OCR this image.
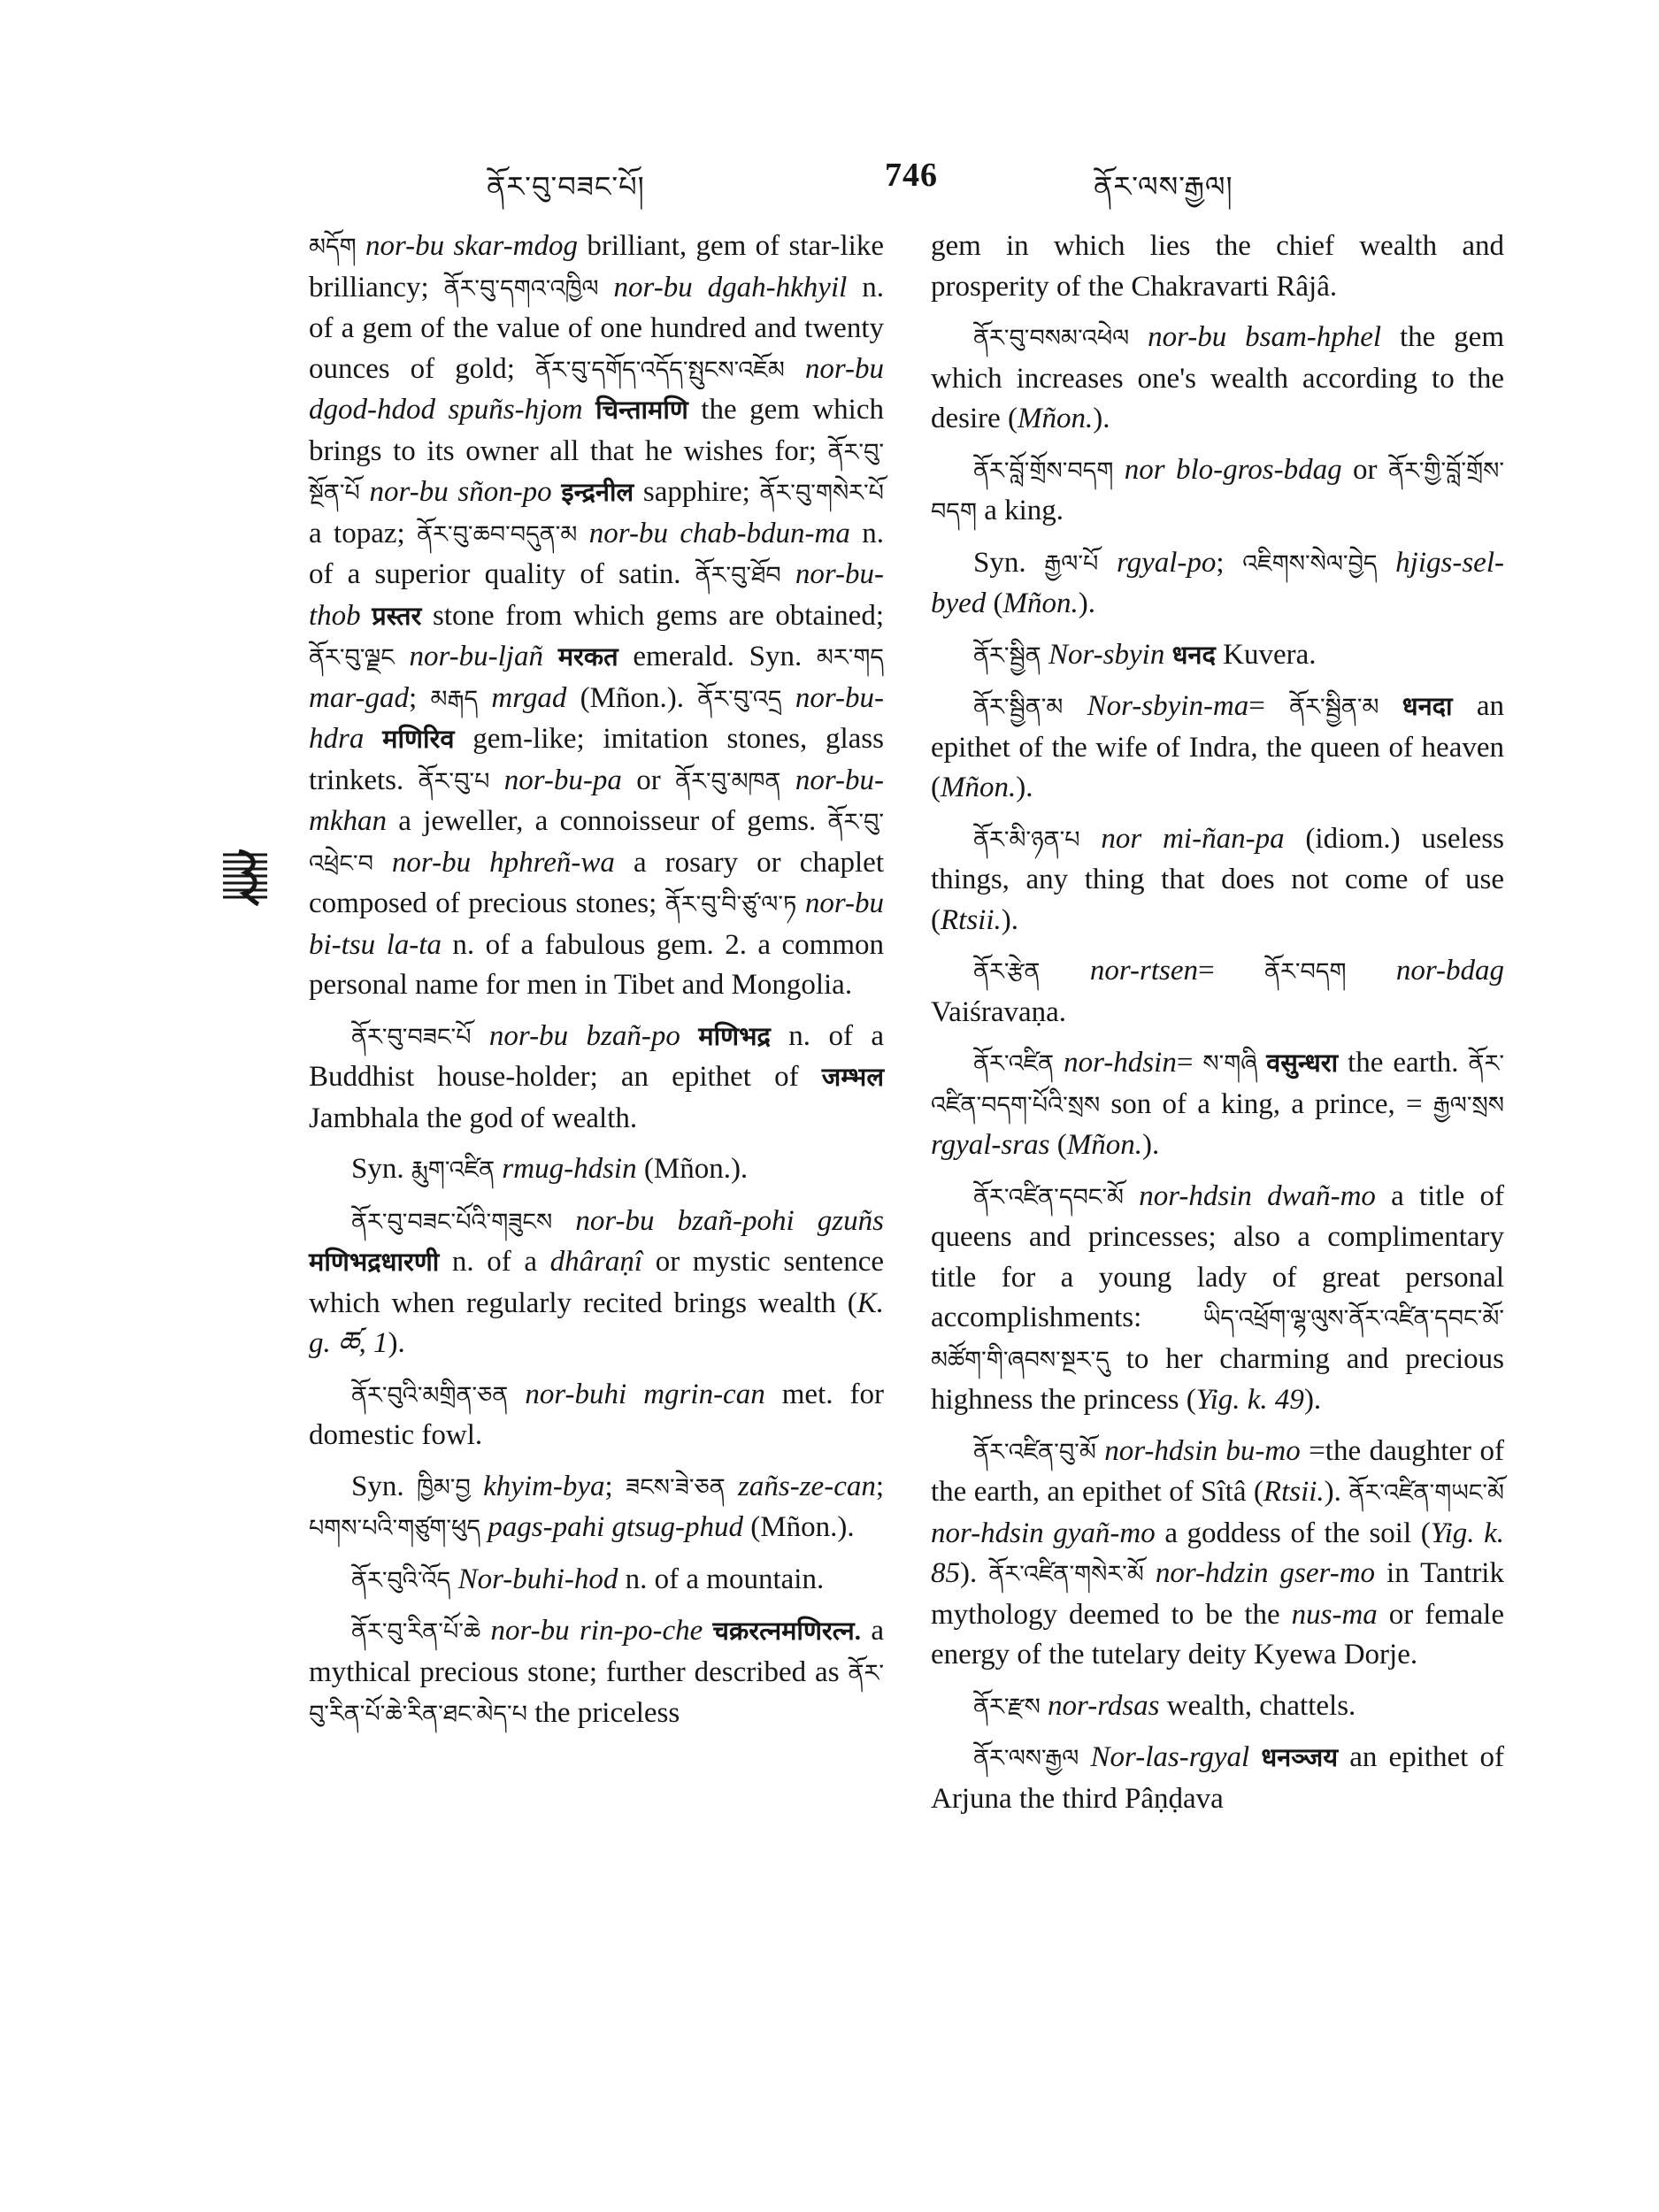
ནོར་བུ་བཟང་པོ།	746	ནོར་ལས་རྒྱལ།

མདོག nor-bu skar-mdog brilliant, gem of star-like brilliancy; ནོར་བུ་དགའ་འཁྱིལ nor-bu dgah-hkhyil n. of a gem of the value of one hundred and twenty ounces of gold; ནོར་བུ་དགོད་འདོད་སྤུངས་འཇོམ nor-bu dgod-hdod spuñs-hjom चिन्तामणि the gem which brings to its owner all that he wishes for; ནོར་བུ་སྔོན་པོ nor-bu sñon-po इन्द्रनील sapphire; ནོར་བུ་གསེར་པོ a topaz; ནོར་བུ་ཆབ་བདུན་མ nor-bu chab-bdun-ma n. of a superior quality of satin. ནོར་བུ་ཐོབ nor-bu-thob प्रस्तर stone from which gems are obtained; ནོར་བུ་ལྗང nor-bu-ljañ मरकत emerald. Syn. མར་གད mar-gad; མརྒད mrgad (Mñon.). ནོར་བུ་འདྲ nor-bu-hdra मणिरिव gem-like; imitation stones, glass trinkets. ནོར་བུ་པ nor-bu-pa or ནོར་བུ་མཁན nor-bu-mkhan a jeweller, a connoisseur of gems. ནོར་བུ་འཕྲེང་བ nor-bu hphreñ-wa a rosary or chaplet composed of precious stones; ནོར་བུ་བི་ཙུ་ལ་ཏ nor-bu bi-tsu la-ta n. of a fabulous gem. 2. a common personal name for men in Tibet and Mongolia.

ནོར་བུ་བཟང་པོ nor-bu bzañ-po मणिभद्र n. of a Buddhist house-holder; an epithet of जम्भल Jambhala the god of wealth.

Syn. རྨུག་འཛིན rmug-hdsin (Mñon.).

ནོར་བུ་བཟང་པོའི་གཟུངས nor-bu bzañ-pohi gzuñs मणिभद्रधारणी n. of a dhâraṇî or mystic sentence which when regularly recited brings wealth (K. g. ཚ, 1).

ནོར་བུའི་མགྲིན་ཅན nor-buhi mgrin-can met. for domestic fowl.

Syn. ཁྱིམ་བྱ khyim-bya; ཟངས་ཟེ་ཅན zañs-ze-can; པགས་པའི་གཙུག་ཕུད pags-pahi gtsug-phud (Mñon.).

ནོར་བུའི་འོད Nor-buhi-hod n. of a mountain.

ནོར་བུ་རིན་པོ་ཆེ nor-bu rin-po-che चक्ररत्नमणिरत्न. a mythical precious stone; further described as ནོར་བུ་རིན་པོ་ཆེ་རིན་ཐང་མེད་པ the priceless

gem in which lies the chief wealth and prosperity of the Chakravarti Râjâ.

ནོར་བུ་བསམ་འཕེལ nor-bu bsam-hphel the gem which increases one's wealth according to the desire (Mñon.).

ནོར་བློ་གྲོས་བདག nor blo-gros-bdag or ནོར་གྱི་བློ་གྲོས་བདག a king.

Syn. རྒྱལ་པོ rgyal-po; འཇིགས་སེལ་བྱེད hjigs-sel-byed (Mñon.).

ནོར་སྦྱིན Nor-sbyin धनद Kuvera.

ནོར་སྦྱིན་མ Nor-sbyin-ma= ནོར་སྦྱིན་མ धनदा an epithet of the wife of Indra, the queen of heaven (Mñon.).

ནོར་མི་ཉན་པ nor mi-ñan-pa (idiom.) useless things, any thing that does not come of use (Rtsii.).

ནོར་རྩེན nor-rtsen= ནོར་བདག nor-bdag Vaiśravaṇa.

ནོར་འཛིན nor-hdsin= ས་གཞི वसुन्धरा the earth. ནོར་འཛིན་བདག་པོའི་སྲས son of a king, a prince, = རྒྱལ་སྲས rgyal-sras (Mñon.).

ནོར་འཛིན་དབང་མོ nor-hdsin dwañ-mo a title of queens and princesses; also a complimentary title for a young lady of great personal accomplishments: ཡིད་འཕྲོག་ལྷ་ལུས་ནོར་འཛིན་དབང་མོ་མཚོག་གི་ཞབས་སྔར་དུ to her charming and precious highness the princess (Yig. k. 49).

ནོར་འཛིན་བུ་མོ nor-hdsin bu-mo =the daughter of the earth, an epithet of Sîtâ (Rtsii.). ནོར་འཛིན་གཡང་མོ nor-hdsin gyañ-mo a goddess of the soil (Yig. k. 85). ནོར་འཛིན་གསེར་མོ nor-hdzin gser-mo in Tantrik mythology deemed to be the nus-ma or female energy of the tutelary deity Kyewa Dorje.

ནོར་རྫས nor-rdsas wealth, chattels.

ནོར་ལས་རྒྱལ Nor-las-rgyal धनञ्जय an epithet of Arjuna the third Pâṇḍava
